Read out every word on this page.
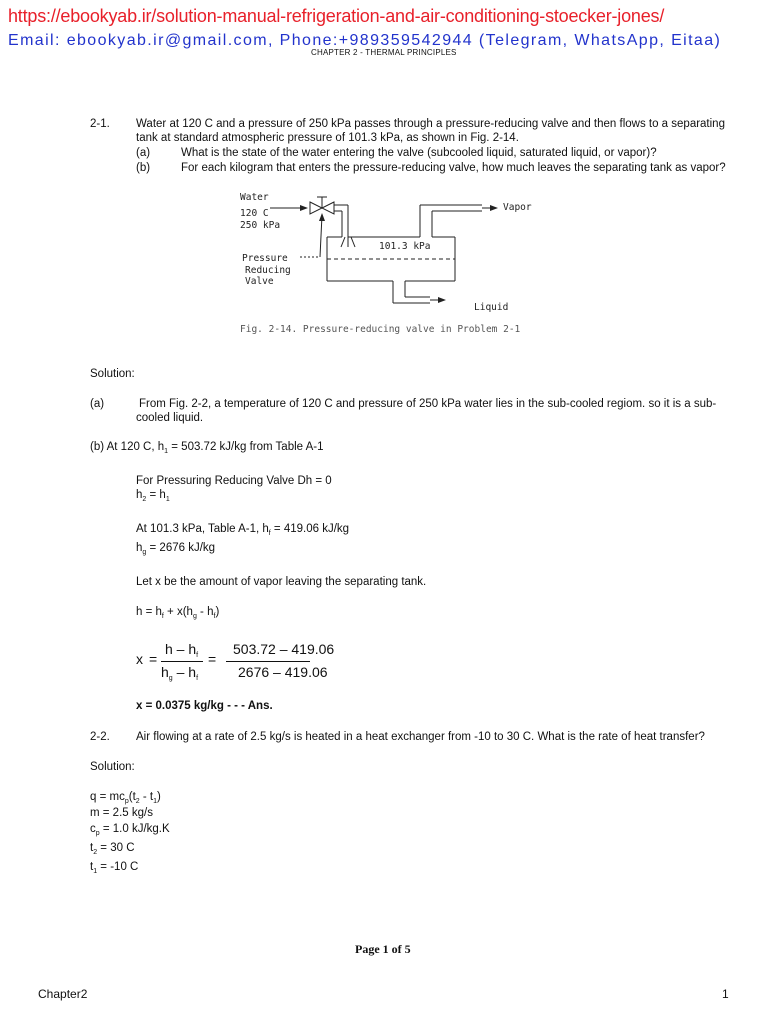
https://ebookyab.ir/solution-manual-refrigeration-and-air-conditioning-stoecker-jones/
Email: ebookyab.ir@gmail.com, Phone:+989359542944 (Telegram, WhatsApp, Eitaa)
CHAPTER 2 - THERMAL PRINCIPLES
2-1. Water at 120 C and a pressure of 250 kPa passes through a pressure-reducing valve and then flows to a separating
tank at standard atmospheric pressure of 101.3 kPa, as shown in Fig. 2-14.
(a)	What is the state of the water entering the valve (subcooled liquid, saturated liquid, or vapor)?
(b)	For each kilogram that enters the pressure-reducing valve, how much leaves the separating tank as vapor?
Water
120 C
250 kPa
Vapor
101.3 kPa
Pressure
Reducing
Valve
Liquid
Fig. 2-14. Pressure-reducing valve in Problem 2-1
Solution:
(a)	From Fig. 2-2, a temperature of 120 C and pressure of 250 kPa water lies in the sub-cooled regiom. so it is a sub-
cooled liquid.
(b) At 120 C, $h_1 = 503.72$ kJ/kg from Table A-1
For Pressuring Reducing Valve Dh = 0
$h_2 = h_1$
At 101.3 kPa, Table A-1, $h_f = 419.06$ kJ/kg
$h_g = 2676$ kJ/kg
Let x be the amount of vapor leaving the separating tank.
$h = h_f + x(h_g - h_f)$
x =
h – $h_f$
$h_g - h_f$
=
503.72 – 419.06
2676 – 419.06
x = 0.0375 kg/kg - - - Ans.
2-2. Air flowing at a rate of 2.5 kg/s is heated in a heat exchanger from -10 to 30 C. What is the rate of heat transfer?
Solution:
$q = mc_p(t_2 - t_1)$
m = 2.5 kg/s
$c_p = 1.0$ kJ/kg.K
$t_2 = 30$ C
$t_1 = -10$ C
Page 1 of 5
Chapter2	1
